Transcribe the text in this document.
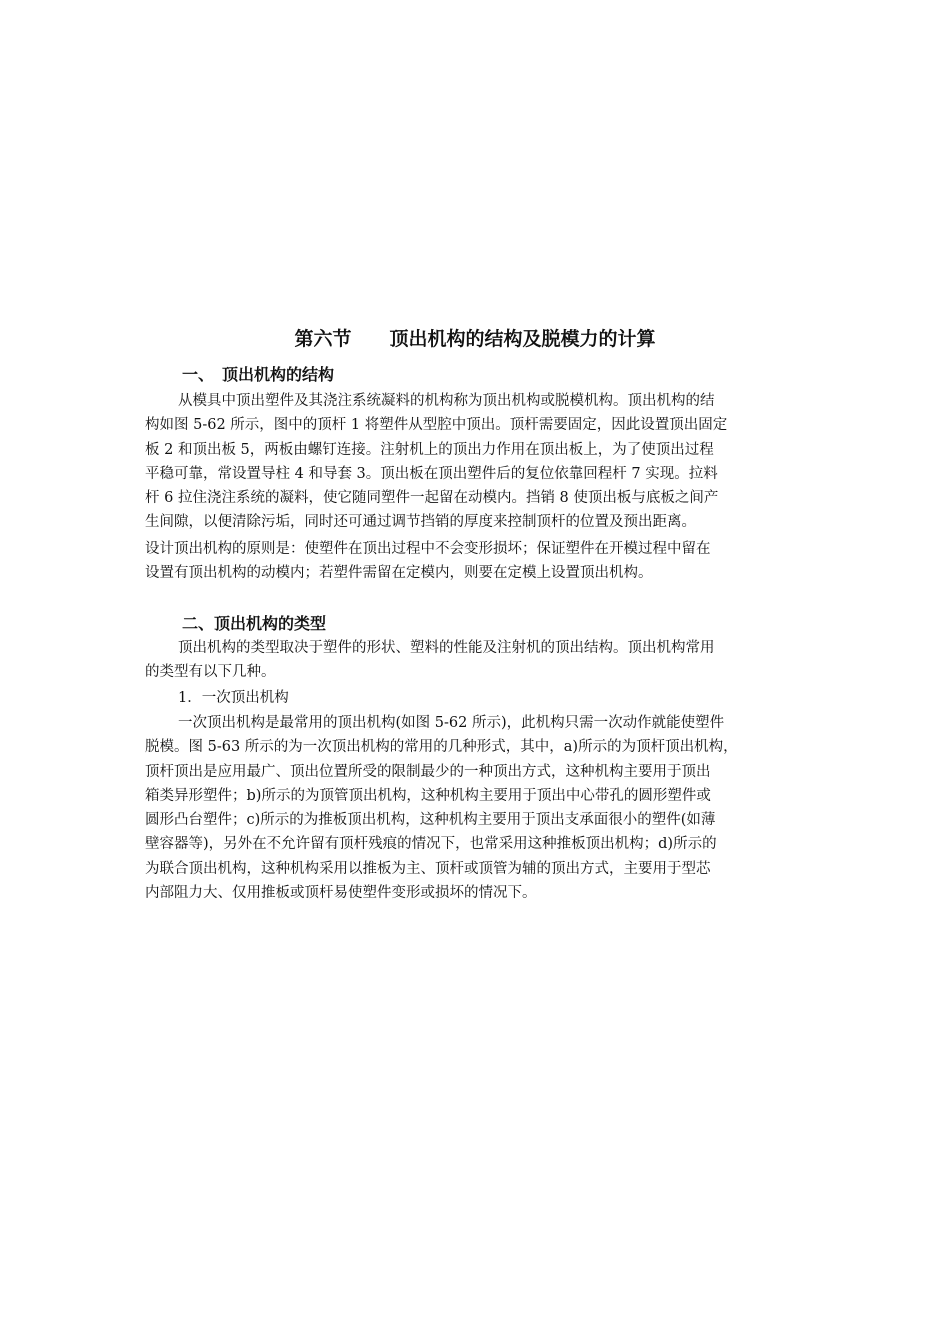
第六节　　顶出机构的结构及脱模力的计算
一、　顶出机构的结构
从模具中顶出塑件及其浇注系统凝料的机构称为顶出机构或脱模机构。顶出机构的结
构如图 5-62 所示，图中的顶杆 1 将塑件从型腔中顶出。顶杆需要固定，因此设置顶出固定
板 2 和顶出板 5，两板由螺钉连接。注射机上的顶出力作用在顶出板上，为了使顶出过程
平稳可靠，常设置导柱 4 和导套 3。顶出板在顶出塑件后的复位依靠回程杆 7 实现。拉料
杆 6 拉住浇注系统的凝料，使它随同塑件一起留在动模内。挡销 8 使顶出板与底板之间产
生间隙，以便清除污垢，同时还可通过调节挡销的厚度来控制顶杆的位置及预出距离。
设计顶出机构的原则是：使塑件在顶出过程中不会变形损坏；保证塑件在开模过程中留在
设置有顶出机构的动模内；若塑件需留在定模内，则要在定模上设置顶出机构。
二、顶出机构的类型
顶出机构的类型取决于塑件的形状、塑料的性能及注射机的顶出结构。顶出机构常用
的类型有以下几种。
1．一次顶出机构
一次顶出机构是最常用的顶出机构(如图 5-62 所示)，此机构只需一次动作就能使塑件
脱模。图 5-63 所示的为一次顶出机构的常用的几种形式，其中，a)所示的为顶杆顶出机构，
顶杆顶出是应用最广、顶出位置所受的限制最少的一种顶出方式，这种机构主要用于顶出
箱类异形塑件；b)所示的为顶管顶出机构，这种机构主要用于顶出中心带孔的圆形塑件或
圆形凸台塑件；c)所示的为推板顶出机构，这种机构主要用于顶出支承面很小的塑件(如薄
壁容器等)，另外在不允许留有顶杆残痕的情况下，也常采用这种推板顶出机构；d)所示的
为联合顶出机构，这种机构采用以推板为主、顶杆或顶管为辅的顶出方式，主要用于型芯
内部阻力大、仅用推板或顶杆易使塑件变形或损坏的情况下。
